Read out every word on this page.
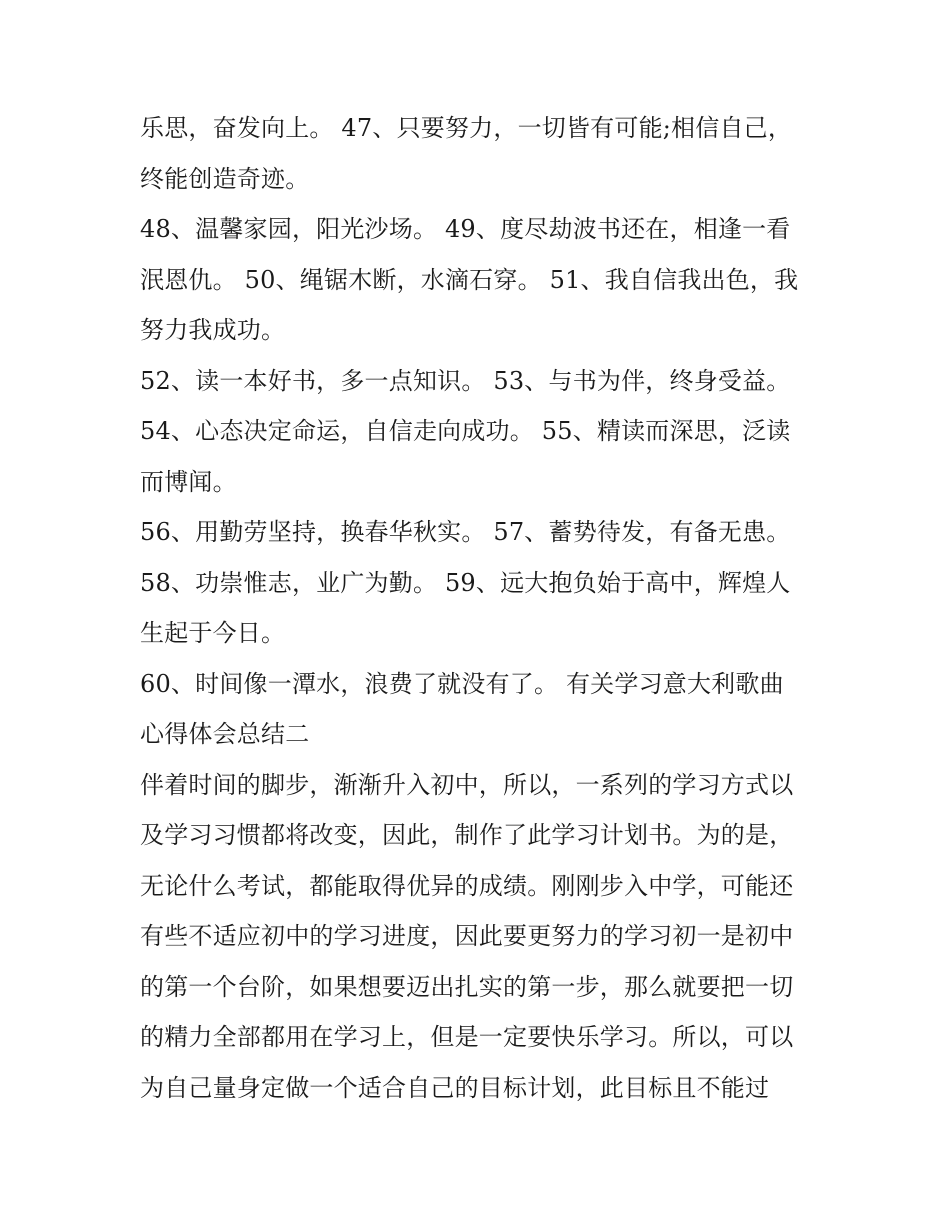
乐思，奋发向上。 47、只要努力，一切皆有可能;相信自己，
终能创造奇迹。
48、温馨家园，阳光沙场。 49、度尽劫波书还在，相逢一看
泯恩仇。 50、绳锯木断，水滴石穿。 51、我自信我出色，我
努力我成功。
52、读一本好书，多一点知识。 53、与书为伴，终身受益。
54、心态决定命运，自信走向成功。 55、精读而深思，泛读
而博闻。
56、用勤劳坚持，换春华秋实。 57、蓄势待发，有备无患。
58、功崇惟志，业广为勤。 59、远大抱负始于高中，辉煌人
生起于今日。
60、时间像一潭水，浪费了就没有了。 有关学习意大利歌曲
心得体会总结二
伴着时间的脚步，渐渐升入初中，所以，一系列的学习方式以
及学习习惯都将改变，因此，制作了此学习计划书。为的是，
无论什么考试，都能取得优异的成绩。刚刚步入中学，可能还
有些不适应初中的学习进度，因此要更努力的学习初一是初中
的第一个台阶，如果想要迈出扎实的第一步，那么就要把一切
的精力全部都用在学习上，但是一定要快乐学习。所以，可以
为自己量身定做一个适合自己的目标计划，此目标且不能过
